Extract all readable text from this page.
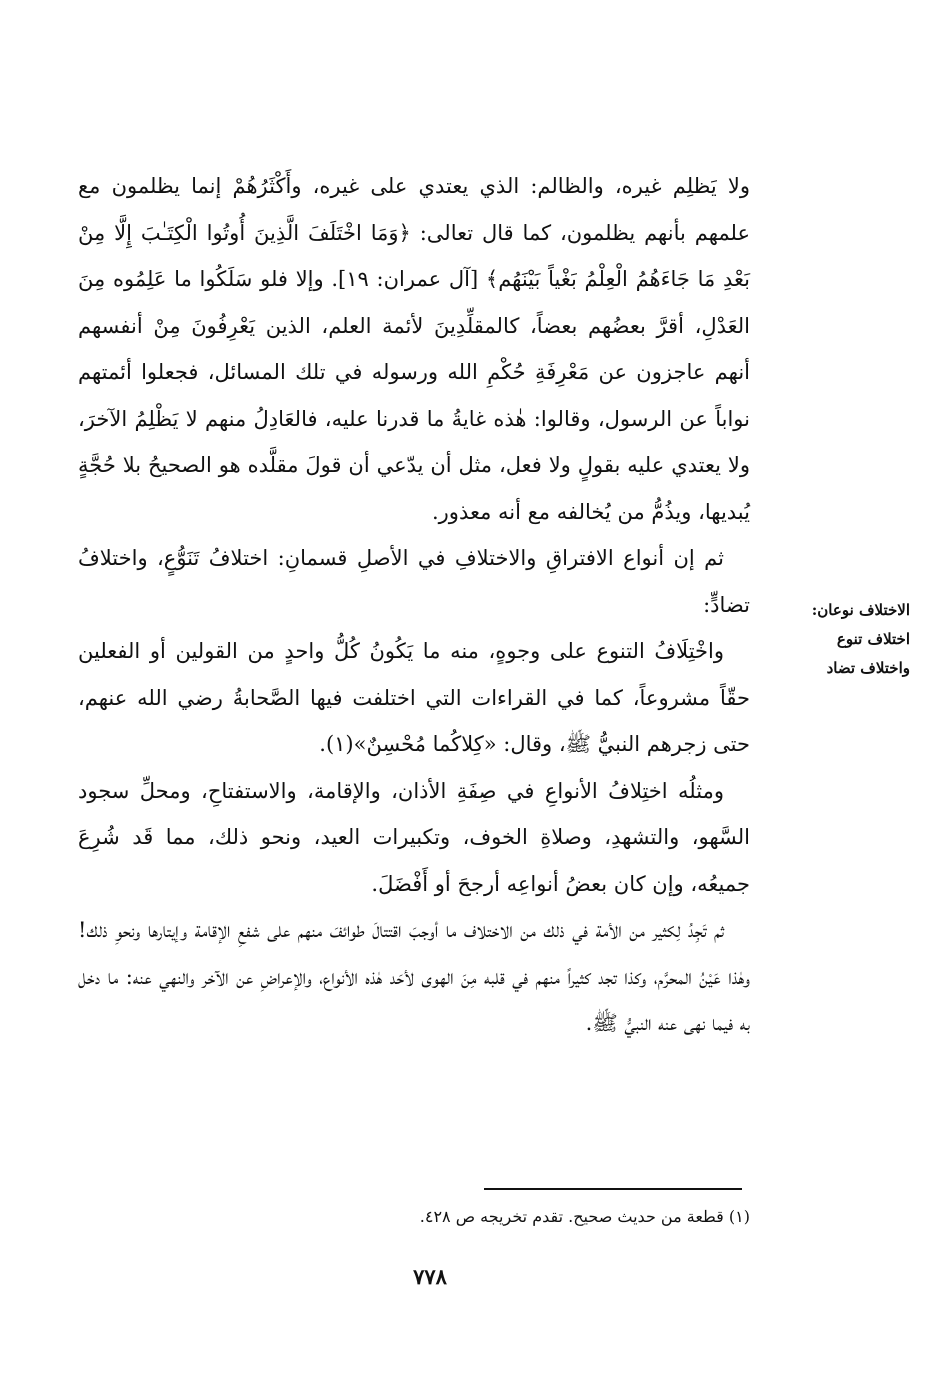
ولا يَظلِم غيره، والظالم: الذي يعتدي على غيره، وأَكْثَرُهُمْ إنما يظلمون مع علمهم بأنهم يظلمون، كما قال تعالى: ﴿وَمَا اخْتَلَفَ الَّذِينَ أُوتُوا الْكِتَـٰبَ إِلَّا مِنْ بَعْدِ مَا جَاءَهُمُ الْعِلْمُ بَغْياً بَيْنَهُم﴾ [آل عمران: ١٩]. وإلا فلو سَلَكُوا ما عَلِمُوه مِنَ العَدْلِ، أقرَّ بعضُهم بعضاً، كالمقلِّدِينَ لأئمة العلم، الذين يَعْرِفُونَ مِنْ أنفسهم أنهم عاجزون عن مَعْرِفَةِ حُكْمِ الله ورسوله في تلك المسائل، فجعلوا أئمتهم نواباً عن الرسول، وقالوا: هٰذه غايةُ ما قدرنا عليه، فالعَادِلُ منهم لا يَظْلِمُ الآخرَ، ولا يعتدي عليه بقولٍ ولا فعل، مثل أن يدّعي أن قولَ مقلَّده هو الصحيحُ بلا حُجَّةٍ يُبديها، ويذُمُّ من يُخالفه مع أنه معذور.

ثم إن أنواع الافتراقِ والاختلافِ في الأصلِ قسمانِ: اختلافُ تَنَوُّعٍ، واختلافُ تضادٍّ:

واخْتِلَافُ التنوع على وجوهٍ، منه ما يَكُونُ كُلُّ واحدٍ من القولين أو الفعلين حقّاً مشروعاً، كما في القراءات التي اختلفت فيها الصَّحابةُ رضي الله عنهم، حتى زجرهم النبيُّ ﷺ، وقال: «كِلاكُما مُحْسِنٌ»(١).

ومثلُه اختِلافُ الأنواعِ في صِفَةِ الأذان، والإقامة، والاستفتاحِ، ومحلِّ سجود السَّهو، والتشهدِ، وصلاةِ الخوف، وتكبيرات العيد، ونحو ذلك، مما قَد شُرِعَ جميعُه، وإن كان بعضُ أنواعِه أرجحَ أو أَفْضَلَ.

ثم تَجِدُ لِكثير من الأمة في ذلك من الاختلاف ما أوجبَ اقتتالَ طوائفَ منهم على شفعِ الإقامة وإيتارها ونحوِ ذلك! وهٰذا عَيْنُ المحرَّم، وكذا تجد كثيراً منهم في قلبه مِنَ الهوى لأحَد هٰذه الأنواع، والإعراضِ عن الآخر والنهي عنه: ما دخل به فيما نهى عنه النبيُّ ﷺ.

الاختلاف نوعان:
اختلاف تنوع
واختلاف تضاد
(١) قطعة من حديث صحيح. تقدم تخريجه ص ٤٢٨.
٧٧٨
